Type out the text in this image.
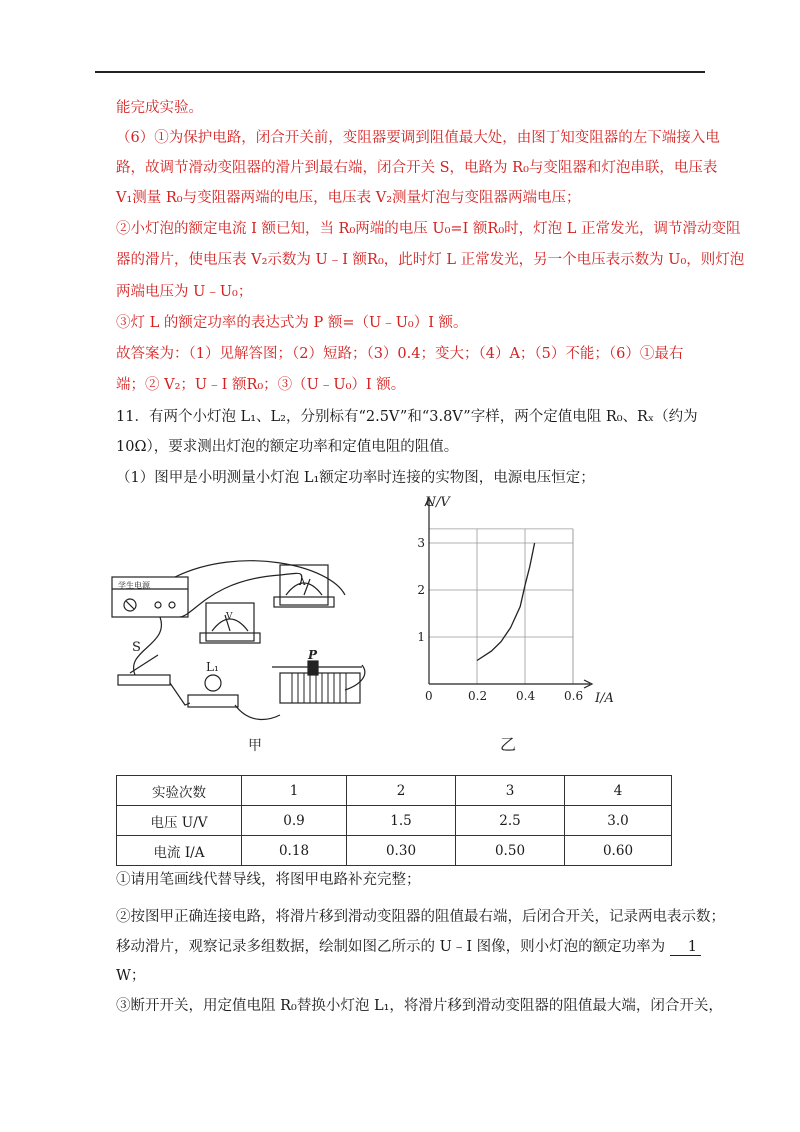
能完成实验。
（6）①为保护电路，闭合开关前，变阻器要调到阻值最大处，由图丁知变阻器的左下端接入电
路，故调节滑动变阻器的滑片到最右端，闭合开关 S，电路为 R₀与变阻器和灯泡串联，电压表
V₁测量 R₀与变阻器两端的电压，电压表 V₂测量灯泡与变阻器两端电压；
②小灯泡的额定电流 I 额已知，当 R₀两端的电压 U₀=I 额R₀时，灯泡 L 正常发光，调节滑动变阻
器的滑片，使电压表 V₂示数为 U﹣I 额R₀，此时灯 L 正常发光，另一个电压表示数为 U₀，则灯泡
两端电压为 U﹣U₀；
③灯 L 的额定功率的表达式为 P 额=（U﹣U₀）I 额。
故答案为：（1）见解答图；（2）短路；（3）0.4；变大；（4）A；（5）不能；（6）①最右
端；② V₂；U﹣I 额R₀；③（U﹣U₀）I 额。
11．有两个小灯泡 L₁、L₂，分别标有“2.5V”和“3.8V”字样，两个定值电阻 R₀、Rₓ（约为
10Ω），要求测出灯泡的额定功率和定值电阻的阻值。
（1）图甲是小明测量小灯泡 L₁额定功率时连接的实物图，电源电压恒定；
学生电源	A
V
S
L₁
P
甲
0	0.2 0.4 0.6
1
2
3
U/V
I/A
乙
实验次数	1	2	3	4
电压 U/V	0.9	1.5	2.5	3.0
电流 I/A	0.18	0.30	0.50	0.60
①请用笔画线代替导线，将图甲电路补充完整；
②按图甲正确连接电路，将滑片移到滑动变阻器的阻值最右端，后闭合开关，记录两电表示数；
移动滑片，观察记录多组数据，绘制如图乙所示的 U﹣I 图像，则小灯泡的额定功率为 1
W；
③断开开关，用定值电阻 R₀替换小灯泡 L₁，将滑片移到滑动变阻器的阻值最大端，闭合开关，
